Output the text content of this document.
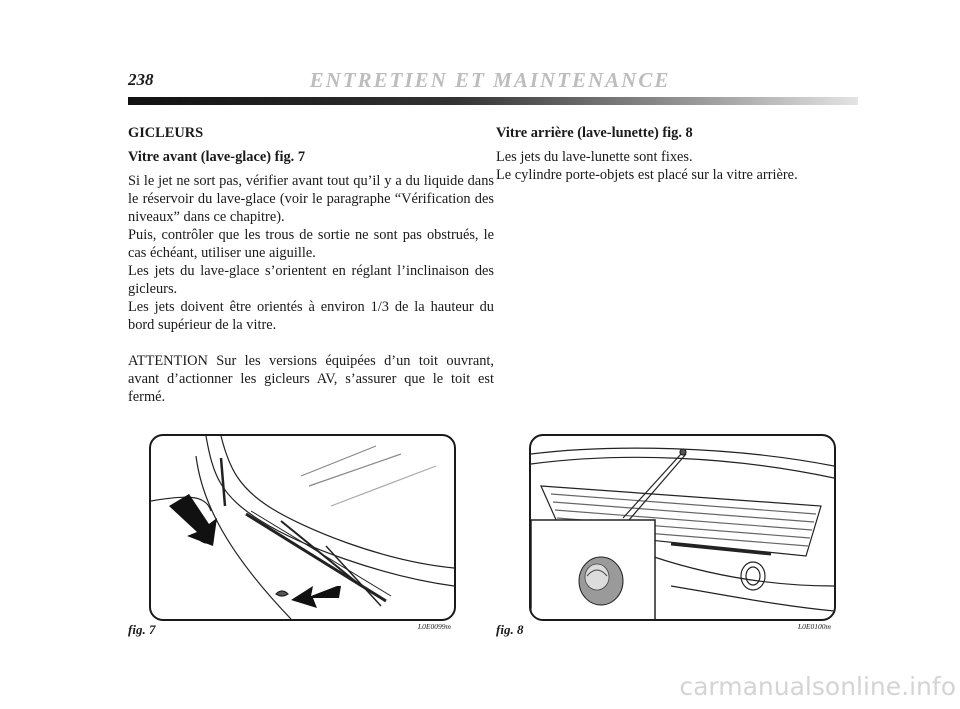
238	ENTRETIEN ET MAINTENANCE

GICLEURS

Vitre avant (lave-glace) fig. 7

Si le jet ne sort pas, vérifier avant tout qu’il y a du liquide dans le réservoir du lave-glace (voir le paragraphe “Vérification des niveaux” dans ce chapitre).

Puis, contrôler que les trous de sortie ne sont pas obstrués, le cas échéant, utiliser une aiguille.

Les jets du lave-glace s’orientent en réglant l’inclinaison des gicleurs.

Les jets doivent être orientés à environ 1/3 de la hauteur du bord supérieur de la vitre.

ATTENTION Sur les versions équipées d’un toit ouvrant, avant d’actionner les gicleurs AV, s’assurer que le toit est fermé.

Vitre arrière (lave-lunette) fig. 8

Les jets du lave-lunette sont fixes.

Le cylindre porte-objets est placé sur la vitre arrière.

fig. 7	L0E0099m	fig. 8	L0E0100m
carmanualsonline.info
